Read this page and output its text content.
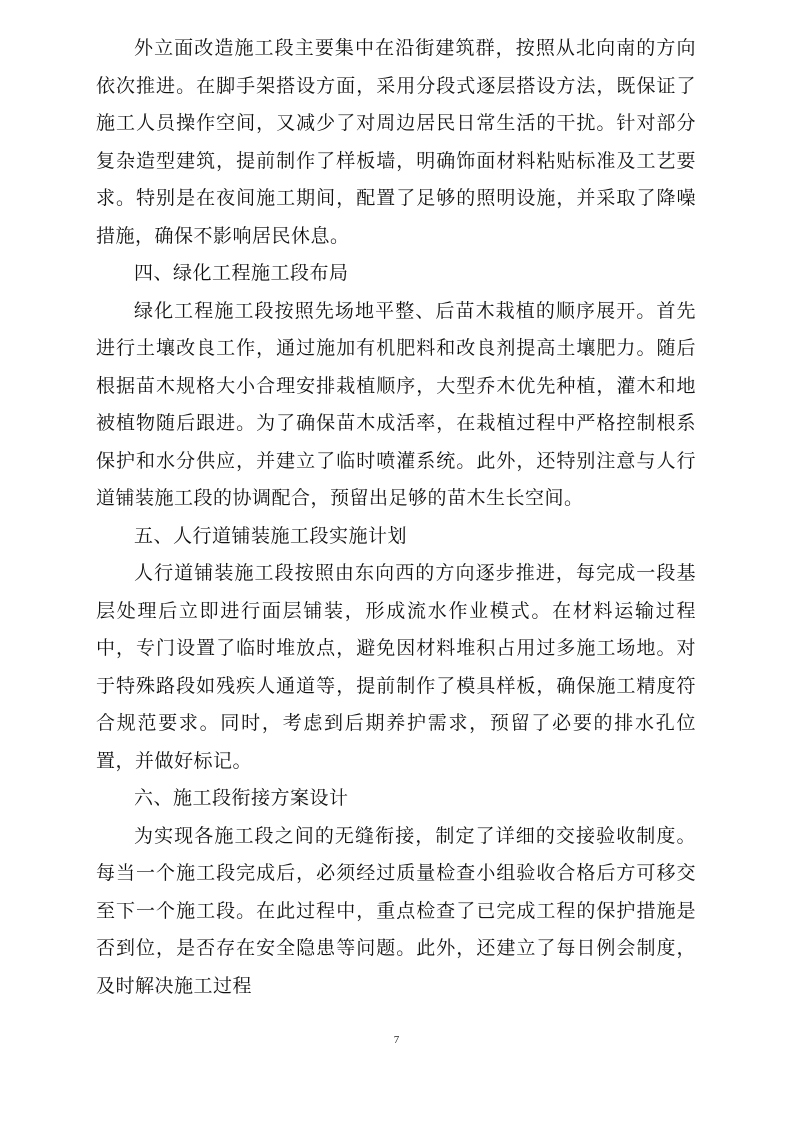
外立面改造施工段主要集中在沿街建筑群，按照从北向南的方向依次推进。在脚手架搭设方面，采用分段式逐层搭设方法，既保证了施工人员操作空间，又减少了对周边居民日常生活的干扰。针对部分复杂造型建筑，提前制作了样板墙，明确饰面材料粘贴标准及工艺要求。特别是在夜间施工期间，配置了足够的照明设施，并采取了降噪措施，确保不影响居民休息。

四、绿化工程施工段布局

绿化工程施工段按照先场地平整、后苗木栽植的顺序展开。首先进行土壤改良工作，通过施加有机肥料和改良剂提高土壤肥力。随后根据苗木规格大小合理安排栽植顺序，大型乔木优先种植，灌木和地被植物随后跟进。为了确保苗木成活率，在栽植过程中严格控制根系保护和水分供应，并建立了临时喷灌系统。此外，还特别注意与人行道铺装施工段的协调配合，预留出足够的苗木生长空间。

五、人行道铺装施工段实施计划

人行道铺装施工段按照由东向西的方向逐步推进，每完成一段基层处理后立即进行面层铺装，形成流水作业模式。在材料运输过程中，专门设置了临时堆放点，避免因材料堆积占用过多施工场地。对于特殊路段如残疾人通道等，提前制作了模具样板，确保施工精度符合规范要求。同时，考虑到后期养护需求，预留了必要的排水孔位置，并做好标记。

六、施工段衔接方案设计

为实现各施工段之间的无缝衔接，制定了详细的交接验收制度。每当一个施工段完成后，必须经过质量检查小组验收合格后方可移交至下一个施工段。在此过程中，重点检查了已完成工程的保护措施是否到位，是否存在安全隐患等问题。此外，还建立了每日例会制度，及时解决施工过程

7
